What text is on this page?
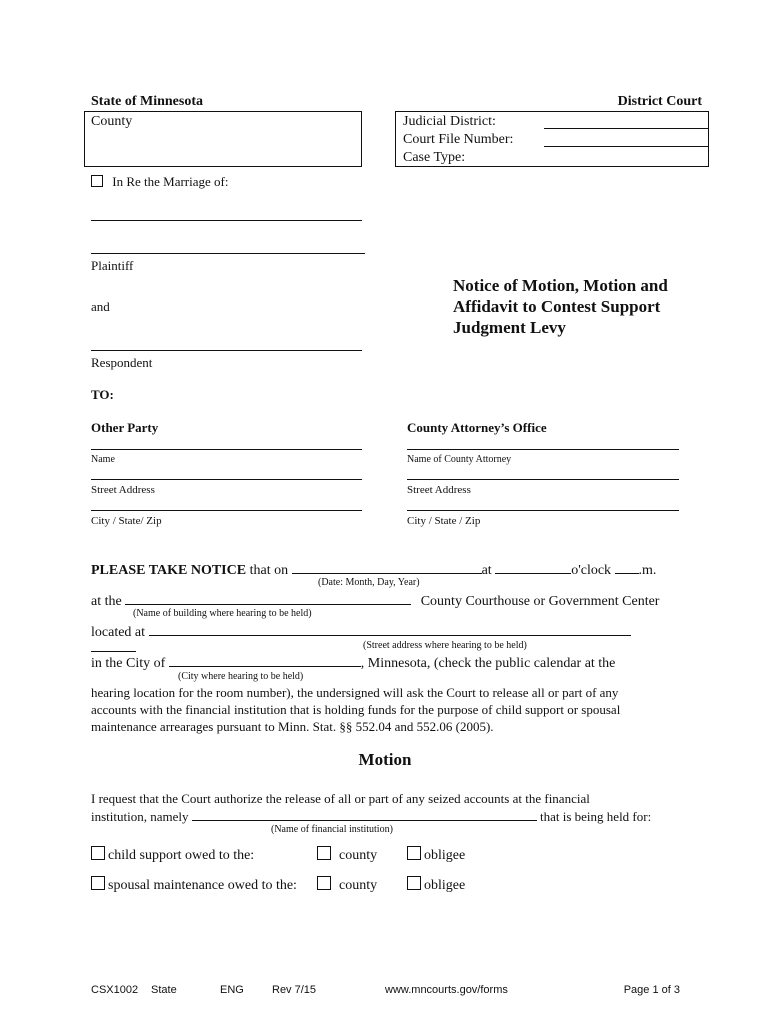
State of Minnesota	District Court
County	Judicial District:
Court File Number:
Case Type:
In Re the Marriage of:
Plaintiff
and
Respondent
Notice of Motion, Motion and
Affidavit to Contest Support
Judgment Levy
TO:
Other Party	County Attorney’s Office
Name	Name of County Attorney
Street Address	Street Address
City / State/ Zip	City / State / Zip
PLEASE TAKE NOTICE that on	at	o'clock .m.
(Date: Month, Day, Year)
at the	County Courthouse or Government Center
(Name of building where hearing to be held)
located at
(Street address where hearing to be held)
in the City of	, Minnesota, (check the public calendar at the
(City where hearing to be held)
hearing location for the room number), the undersigned will ask the Court to release all or part of any
accounts with the financial institution that is holding funds for the purpose of child support or spousal
maintenance arrearages pursuant to Minn. Stat. §§ 552.04 and 552.06 (2005).
Motion
I request that the Court authorize the release of all or part of any seized accounts at the financial
institution, namely	that is being held for:
(Name of financial institution)
child support owed to the:	county	obligee
spousal maintenance owed to the:	county	obligee
CSX1002 State	ENG	Rev 7/15	www.mncourts.gov/forms	Page 1 of 3
